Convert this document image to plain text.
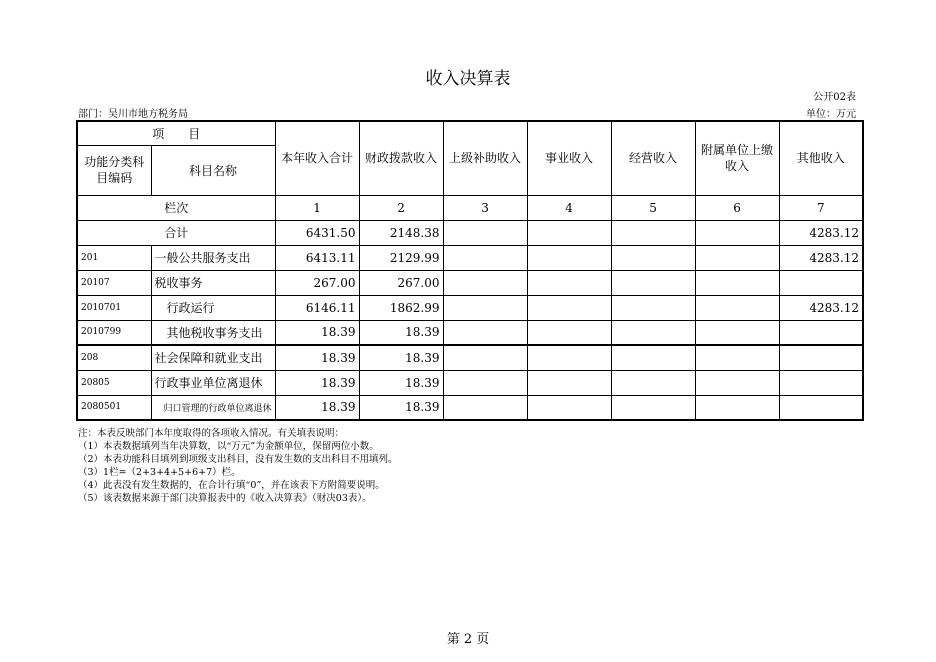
收入决算表
公开02表
部门：吴川市地方税务局	单位：万元
项　　目		本年收入合计	财政拨款收入	上级补助收入	事业收入	经营收入	附属单位上缴收入	其他收入
功能分类科目编码	科目名称							
栏次		1	2	3	4	5	6	7
合计		6431.50	2148.38					4283.12
201	一般公共服务支出	6413.11	2129.99					4283.12
20107	税收事务	267.00	267.00					
2010701	　行政运行	6146.11	1862.99					4283.12
2010799	　其他税收事务支出	18.39	18.39					
208	社会保障和就业支出	18.39	18.39					
20805	行政事业单位离退休	18.39	18.39					
2080501	　归口管理的行政单位离退休	18.39	18.39					
注：本表反映部门本年度取得的各项收入情况。有关填表说明：
（1）本表数据填列当年决算数，以“万元”为金额单位，保留两位小数。
（2）本表功能科目填列到项级支出科目，没有发生数的支出科目不用填列。
（3）1栏=（2+3+4+5+6+7）栏。
（4）此表没有发生数据的，在合计行填“0”，并在该表下方附简要说明。
（5）该表数据来源于部门决算报表中的《收入决算表》（财决03表）。
第 2 页
